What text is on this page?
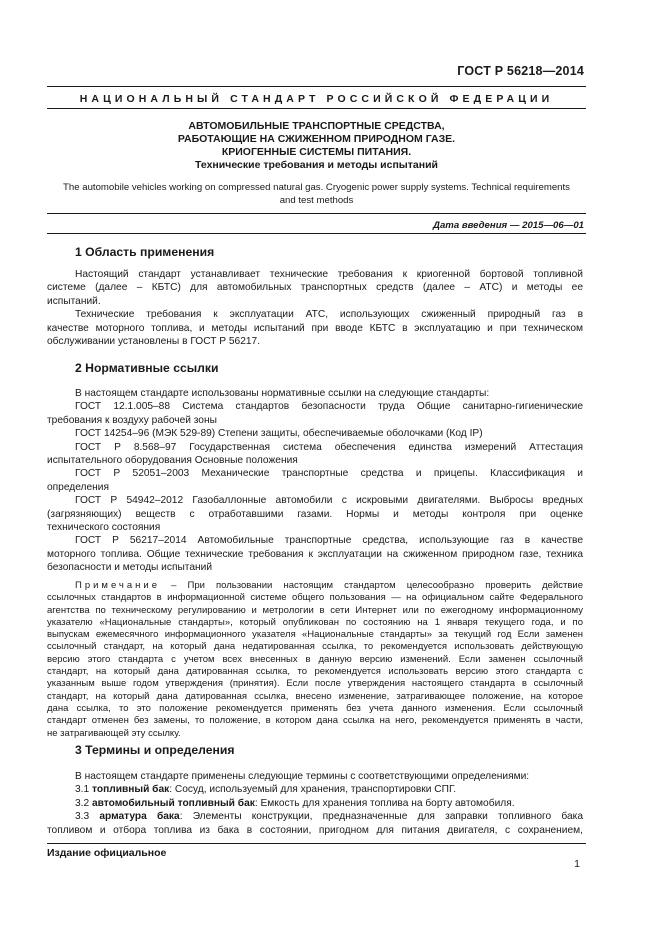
ГОСТ Р 56218—2014
НАЦИОНАЛЬНЫЙ СТАНДАРТ РОССИЙСКОЙ ФЕДЕРАЦИИ
АВТОМОБИЛЬНЫЕ ТРАНСПОРТНЫЕ СРЕДСТВА,
РАБОТАЮЩИЕ НА СЖИЖЕННОМ ПРИРОДНОМ ГАЗЕ.
КРИОГЕННЫЕ СИСТЕМЫ ПИТАНИЯ.
Технические требования и методы испытаний
The automobile vehicles working on compressed natural gas. Cryogenic power supply systems. Technical requirements
and test methods
Дата введения — 2015—06—01
1 Область применения
Настоящий стандарт устанавливает технические требования к криогенной бортовой топливной
системе (далее – КБТС) для автомобильных транспортных средств (далее – АТС) и методы ее
испытаний.
Технические требования к эксплуатации АТС, использующих сжиженный природный газ в
качестве моторного топлива, и методы испытаний при вводе КБТС в эксплуатацию и при техническом
обслуживании установлены в ГОСТ Р 56217.
2 Нормативные ссылки
В настоящем стандарте использованы нормативные ссылки на следующие стандарты:
ГОСТ 12.1.005–88 Система стандартов безопасности труда Общие санитарно-гигиенические
требования к воздуху рабочей зоны
ГОСТ 14254–96 (МЭК 529-89) Степени защиты, обеспечиваемые оболочками (Код IP)
ГОСТ Р 8.568–97 Государственная система обеспечения единства измерений Аттестация
испытательного оборудования Основные положения
ГОСТ Р 52051–2003 Механические транспортные средства и прицепы. Классификация и
определения
ГОСТ Р 54942–2012 Газобаллонные автомобили с искровыми двигателями. Выбросы вредных
(загрязняющих) веществ с отработавшими газами. Нормы и методы контроля при оценке
технического состояния
ГОСТ Р 56217–2014 Автомобильные транспортные средства, использующие газ в качестве
моторного топлива. Общие технические требования к эксплуатации на сжиженном природном газе, техника
безопасности и методы испытаний
Примечание – При пользовании настоящим стандартом целесообразно проверить действие
ссылочных стандартов в информационной системе общего пользования — на официальном сайте Федерального
агентства по техническому регулированию и метрологии в сети Интернет или по ежегодному информационному
указателю «Национальные стандарты», который опубликован по состоянию на 1 января текущего года, и по
выпускам ежемесячного информационного указателя «Национальные стандарты» за текущий год Если заменен
ссылочный стандарт, на который дана недатированная ссылка, то рекомендуется использовать действующую
версию этого стандарта с учетом всех внесенных в данную версию изменений. Если заменен ссылочный
стандарт, на который дана датированная ссылка, то рекомендуется использовать версию этого стандарта с
указанным выше годом утверждения (принятия). Если после утверждения настоящего стандарта в ссылочный
стандарт, на который дана датированная ссылка, внесено изменение, затрагивающее положение, на которое
дана ссылка, то это положение рекомендуется применять без учета данного изменения. Если ссылочный
стандарт отменен без замены, то положение, в котором дана ссылка на него, рекомендуется применять в части,
не затрагивающей эту ссылку.
3 Термины и определения
В настоящем стандарте применены следующие термины с соответствующими определениями:
3.1 топливный бак: Сосуд, используемый для хранения, транспортировки СПГ.
3.2 автомобильный топливный бак: Емкость для хранения топлива на борту автомобиля.
3.3 арматура бака: Элементы конструкции, предназначенные для заправки топливного бака
топливом и отбора топлива из бака в состоянии, пригодном для питания двигателя, с сохранением,
Издание официальное
1
